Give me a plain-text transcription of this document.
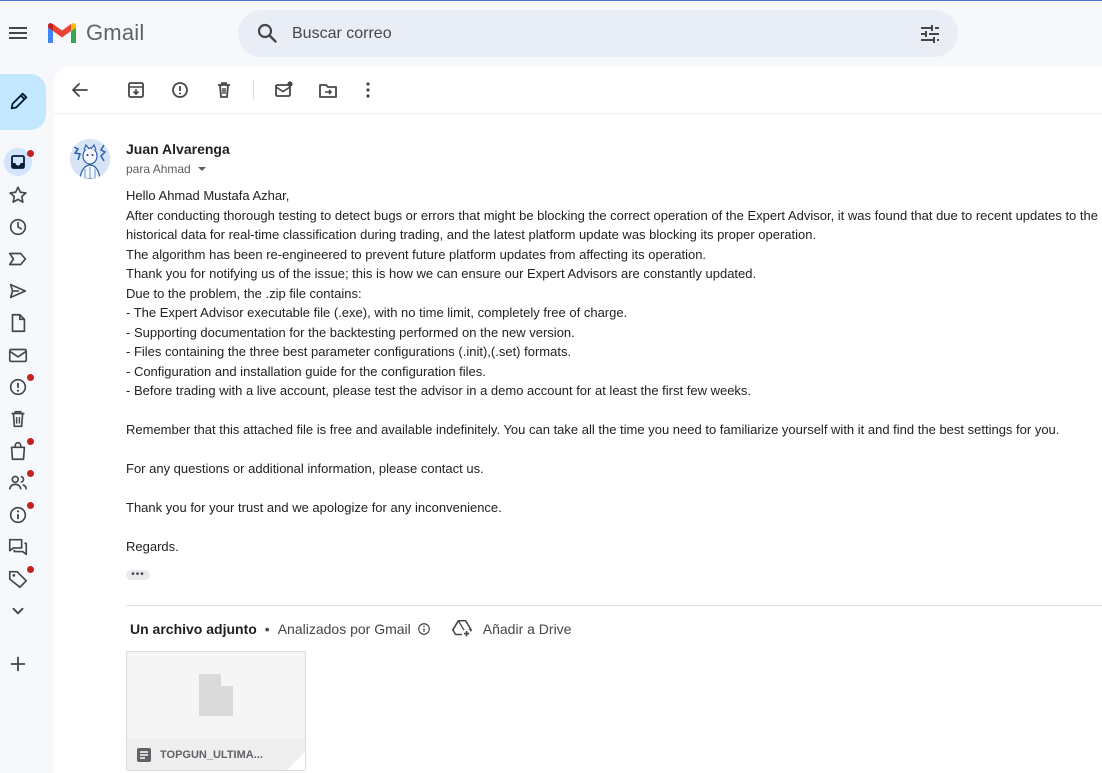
Gmail
Buscar correo
Juan Alvarenga
para Ahmad

Hello Ahmad Mustafa Azhar,

After conducting thorough testing to detect bugs or errors that might be blocking the correct operation of the Expert Advisor, it was found that due to recent updates to the

historical data for real-time classification during trading, and the latest platform update was blocking its proper operation.

The algorithm has been re-engineered to prevent future platform updates from affecting its operation.

Thank you for notifying us of the issue; this is how we can ensure our Expert Advisors are constantly updated.

Due to the problem, the .zip file contains:

- The Expert Advisor executable file (.exe), with no time limit, completely free of charge.

- Supporting documentation for the backtesting performed on the new version.

- Files containing the three best parameter configurations (.init),(.set) formats.

- Configuration and installation guide for the configuration files.

- Before trading with a live account, please test the advisor in a demo account for at least the first few weeks.

Remember that this attached file is free and available indefinitely. You can take all the time you need to familiarize yourself with it and find the best settings for you.

For any questions or additional information, please contact us.

Thank you for your trust and we apologize for any inconvenience.

Regards.

•••
Un archivo adjunto • Analizados por Gmail	Añadir a Drive
TOPGUN_ULTIMA...
